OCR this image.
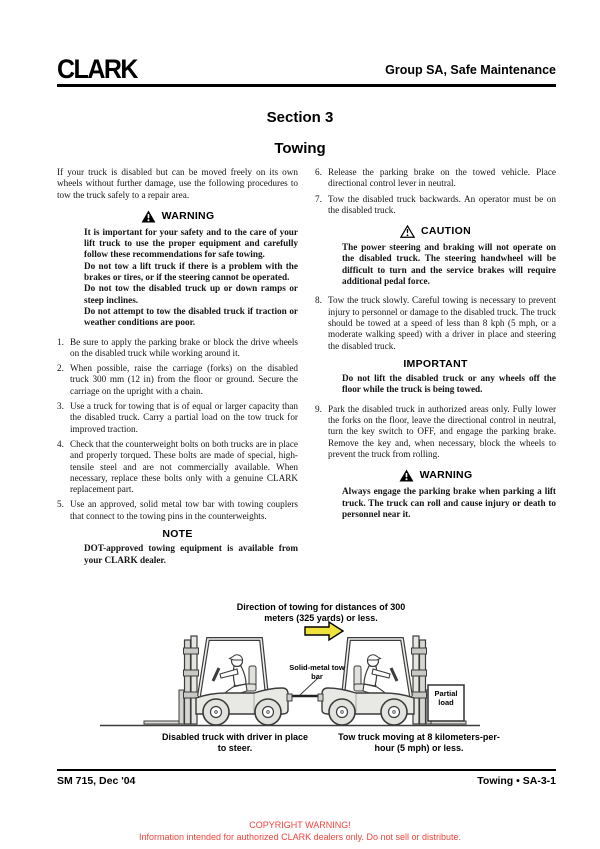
CLARK	Group SA, Safe Maintenance
Section 3
Towing

If your truck is disabled but can be moved freely on its own wheels without further damage, use the following procedures to tow the truck safely to a repair area.

WARNING

It is important for your safety and to the care of your lift truck to use the proper equipment and carefully follow these recommendations for safe towing.

Do not tow a lift truck if there is a problem with the brakes or tires, or if the steering cannot be operated.

Do not tow the disabled truck up or down ramps or steep inclines.

Do not attempt to tow the disabled truck if traction or weather conditions are poor.

1. Be sure to apply the parking brake or block the drive wheels on the disabled truck while working around it.
2. When possible, raise the carriage (forks) on the disabled truck 300 mm (12 in) from the floor or ground. Secure the carriage on the upright with a chain.
3. Use a truck for towing that is of equal or larger capacity than the disabled truck. Carry a partial load on the tow truck for improved traction.
4. Check that the counterweight bolts on both trucks are in place and properly torqued. These bolts are made of special, high-tensile steel and are not commercially available. When necessary, replace these bolts only with a genuine CLARK replacement part.
5. Use an approved, solid metal tow bar with towing couplers that connect to the towing pins in the counterweights.
NOTE

DOT-approved towing equipment is available from your CLARK dealer.

6. Release the parking brake on the towed vehicle. Place directional control lever in neutral.
7. Tow the disabled truck backwards. An operator must be on the disabled truck.
CAUTION

The power steering and braking will not operate on the disabled truck. The steering handwheel will be difficult to turn and the service brakes will require additional pedal force.

8. Tow the truck slowly. Careful towing is necessary to prevent injury to personnel or damage to the disabled truck. The truck should be towed at a speed of less than 8 kph (5 mph, or a moderate walking speed) with a driver in place and steering the disabled truck.
IMPORTANT

Do not lift the disabled truck or any wheels off the floor while the truck is being towed.

9. Park the disabled truck in authorized areas only. Fully lower the forks on the floor, leave the directional control in neutral, turn the key switch to OFF, and engage the parking brake. Remove the key and, when necessary, block the wheels to prevent the truck from rolling.
WARNING

Always engage the parking brake when parking a lift truck. The truck can roll and cause injury or death to personnel near it.

Direction of towing for distances of 300 meters (325 yards) or less.
Solid-metal tow bar
Partial load
Disabled truck with driver in place to steer.
Tow truck moving at 8 kilometers-per-hour (5 mph) or less.
SM 715, Dec '04	Towing • SA-3-1
COPYRIGHT WARNING!
Information intended for authorized CLARK dealers only. Do not sell or distribute.
